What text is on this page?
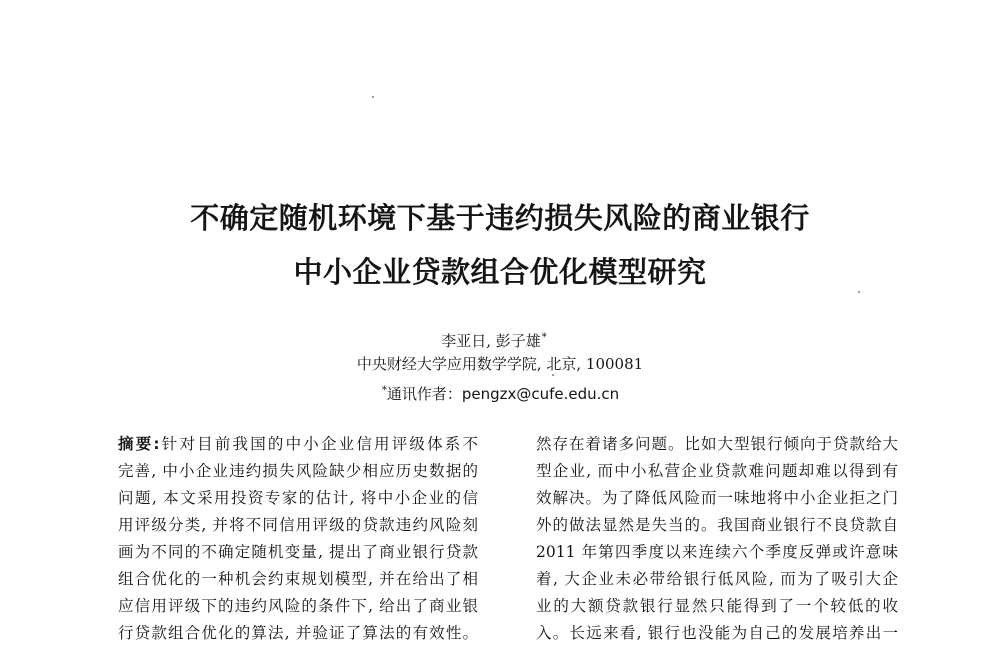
不确定随机环境下基于违约损失风险的商业银行
中小企业贷款组合优化模型研究
李亚日, 彭子雄*
中央财经大学应用数学学院, 北京, 100081
*通讯作者：pengzx@cufe.edu.cn
摘要:针对目前我国的中小企业信用评级体系不
完善, 中小企业违约损失风险缺少相应历史数据的
问题, 本文采用投资专家的估计, 将中小企业的信
用评级分类, 并将不同信用评级的贷款违约风险刻
画为不同的不确定随机变量, 提出了商业银行贷款
组合优化的一种机会约束规划模型, 并在给出了相
应信用评级下的违约风险的条件下, 给出了商业银
行贷款组合优化的算法, 并验证了算法的有效性。
然存在着诸多问题。比如大型银行倾向于贷款给大
型企业, 而中小私营企业贷款难问题却难以得到有
效解决。为了降低风险而一味地将中小企业拒之门
外的做法显然是失当的。我国商业银行不良贷款自
2011 年第四季度以来连续六个季度反弹或许意味
着, 大企业未必带给银行低风险, 而为了吸引大企
业的大额贷款银行显然只能得到了一个较低的收
入。长远来看, 银行也没能为自己的发展培养出一
